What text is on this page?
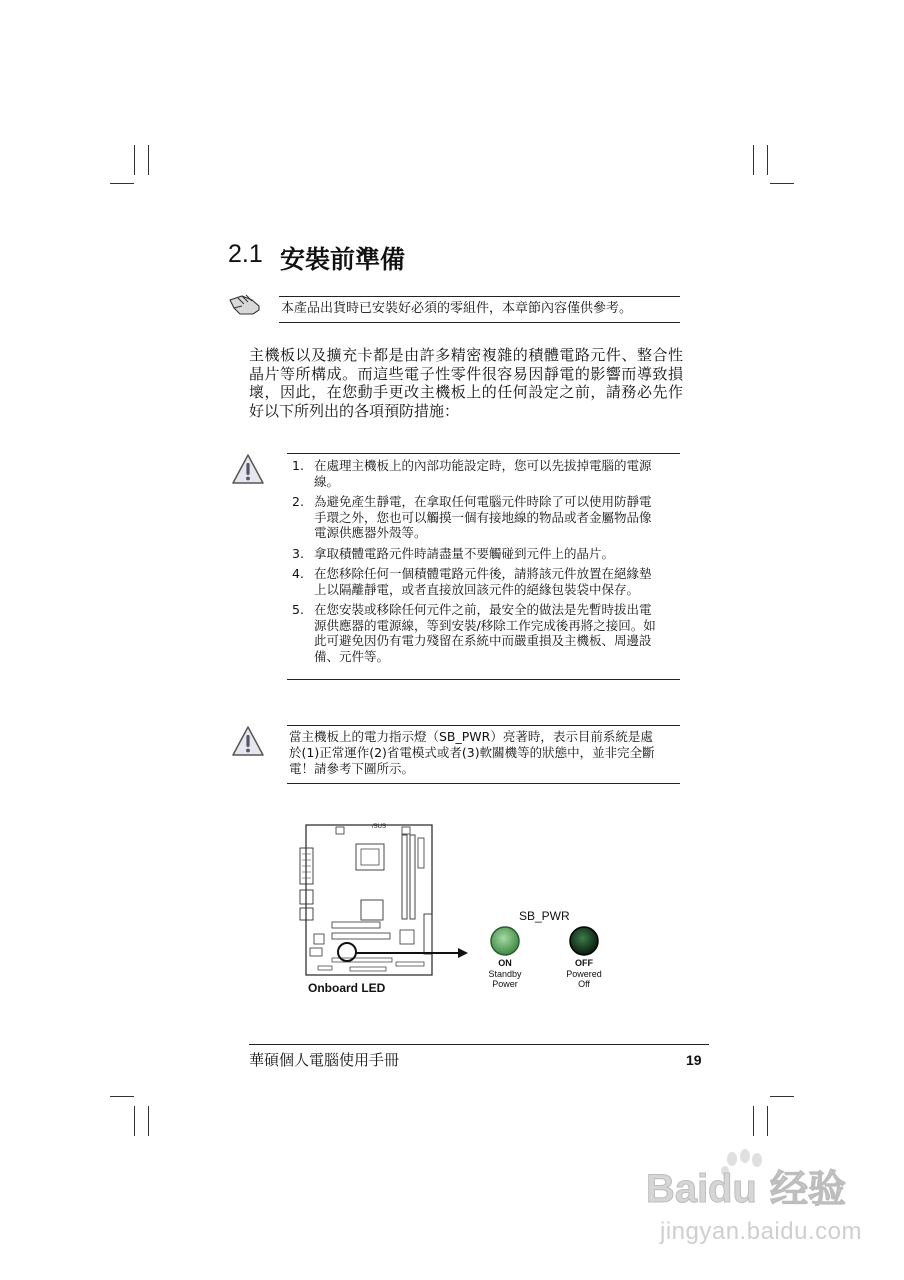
2.1 安裝前準備
本產品出貨時已安裝好必須的零組件，本章節內容僅供參考。
主機板以及擴充卡都是由許多精密複雜的積體電路元件、整合性晶片等所構成。而這些電子性零件很容易因靜電的影響而導致損壞，因此，在您動手更改主機板上的任何設定之前，請務必先作好以下所列出的各項預防措施：
1. 在處理主機板上的內部功能設定時，您可以先拔掉電腦的電源線。
2. 為避免產生靜電，在拿取任何電腦元件時除了可以使用防靜電手環之外，您也可以觸摸一個有接地線的物品或者金屬物品像電源供應器外殼等。
3. 拿取積體電路元件時請盡量不要觸碰到元件上的晶片。
4. 在您移除任何一個積體電路元件後，請將該元件放置在絕緣墊上以隔離靜電，或者直接放回該元件的絕緣包裝袋中保存。
5. 在您安裝或移除任何元件之前，最安全的做法是先暫時拔出電源供應器的電源線，等到安裝/移除工作完成後再將之接回。如此可避免因仍有電力殘留在系統中而嚴重損及主機板、周邊設備、元件等。
當主機板上的電力指示燈（SB_PWR）亮著時，表示目前系統是處於(1)正常運作(2)省電模式或者(3)軟關機等的狀態中，並非完全斷電！請參考下圖所示。
/SUS
Onboard LED
SB_PWR
ON
Standby
Power
OFF
Powered
Off
華碩個人電腦使用手冊	19
Bai du 经验
jingyan.baidu.com
